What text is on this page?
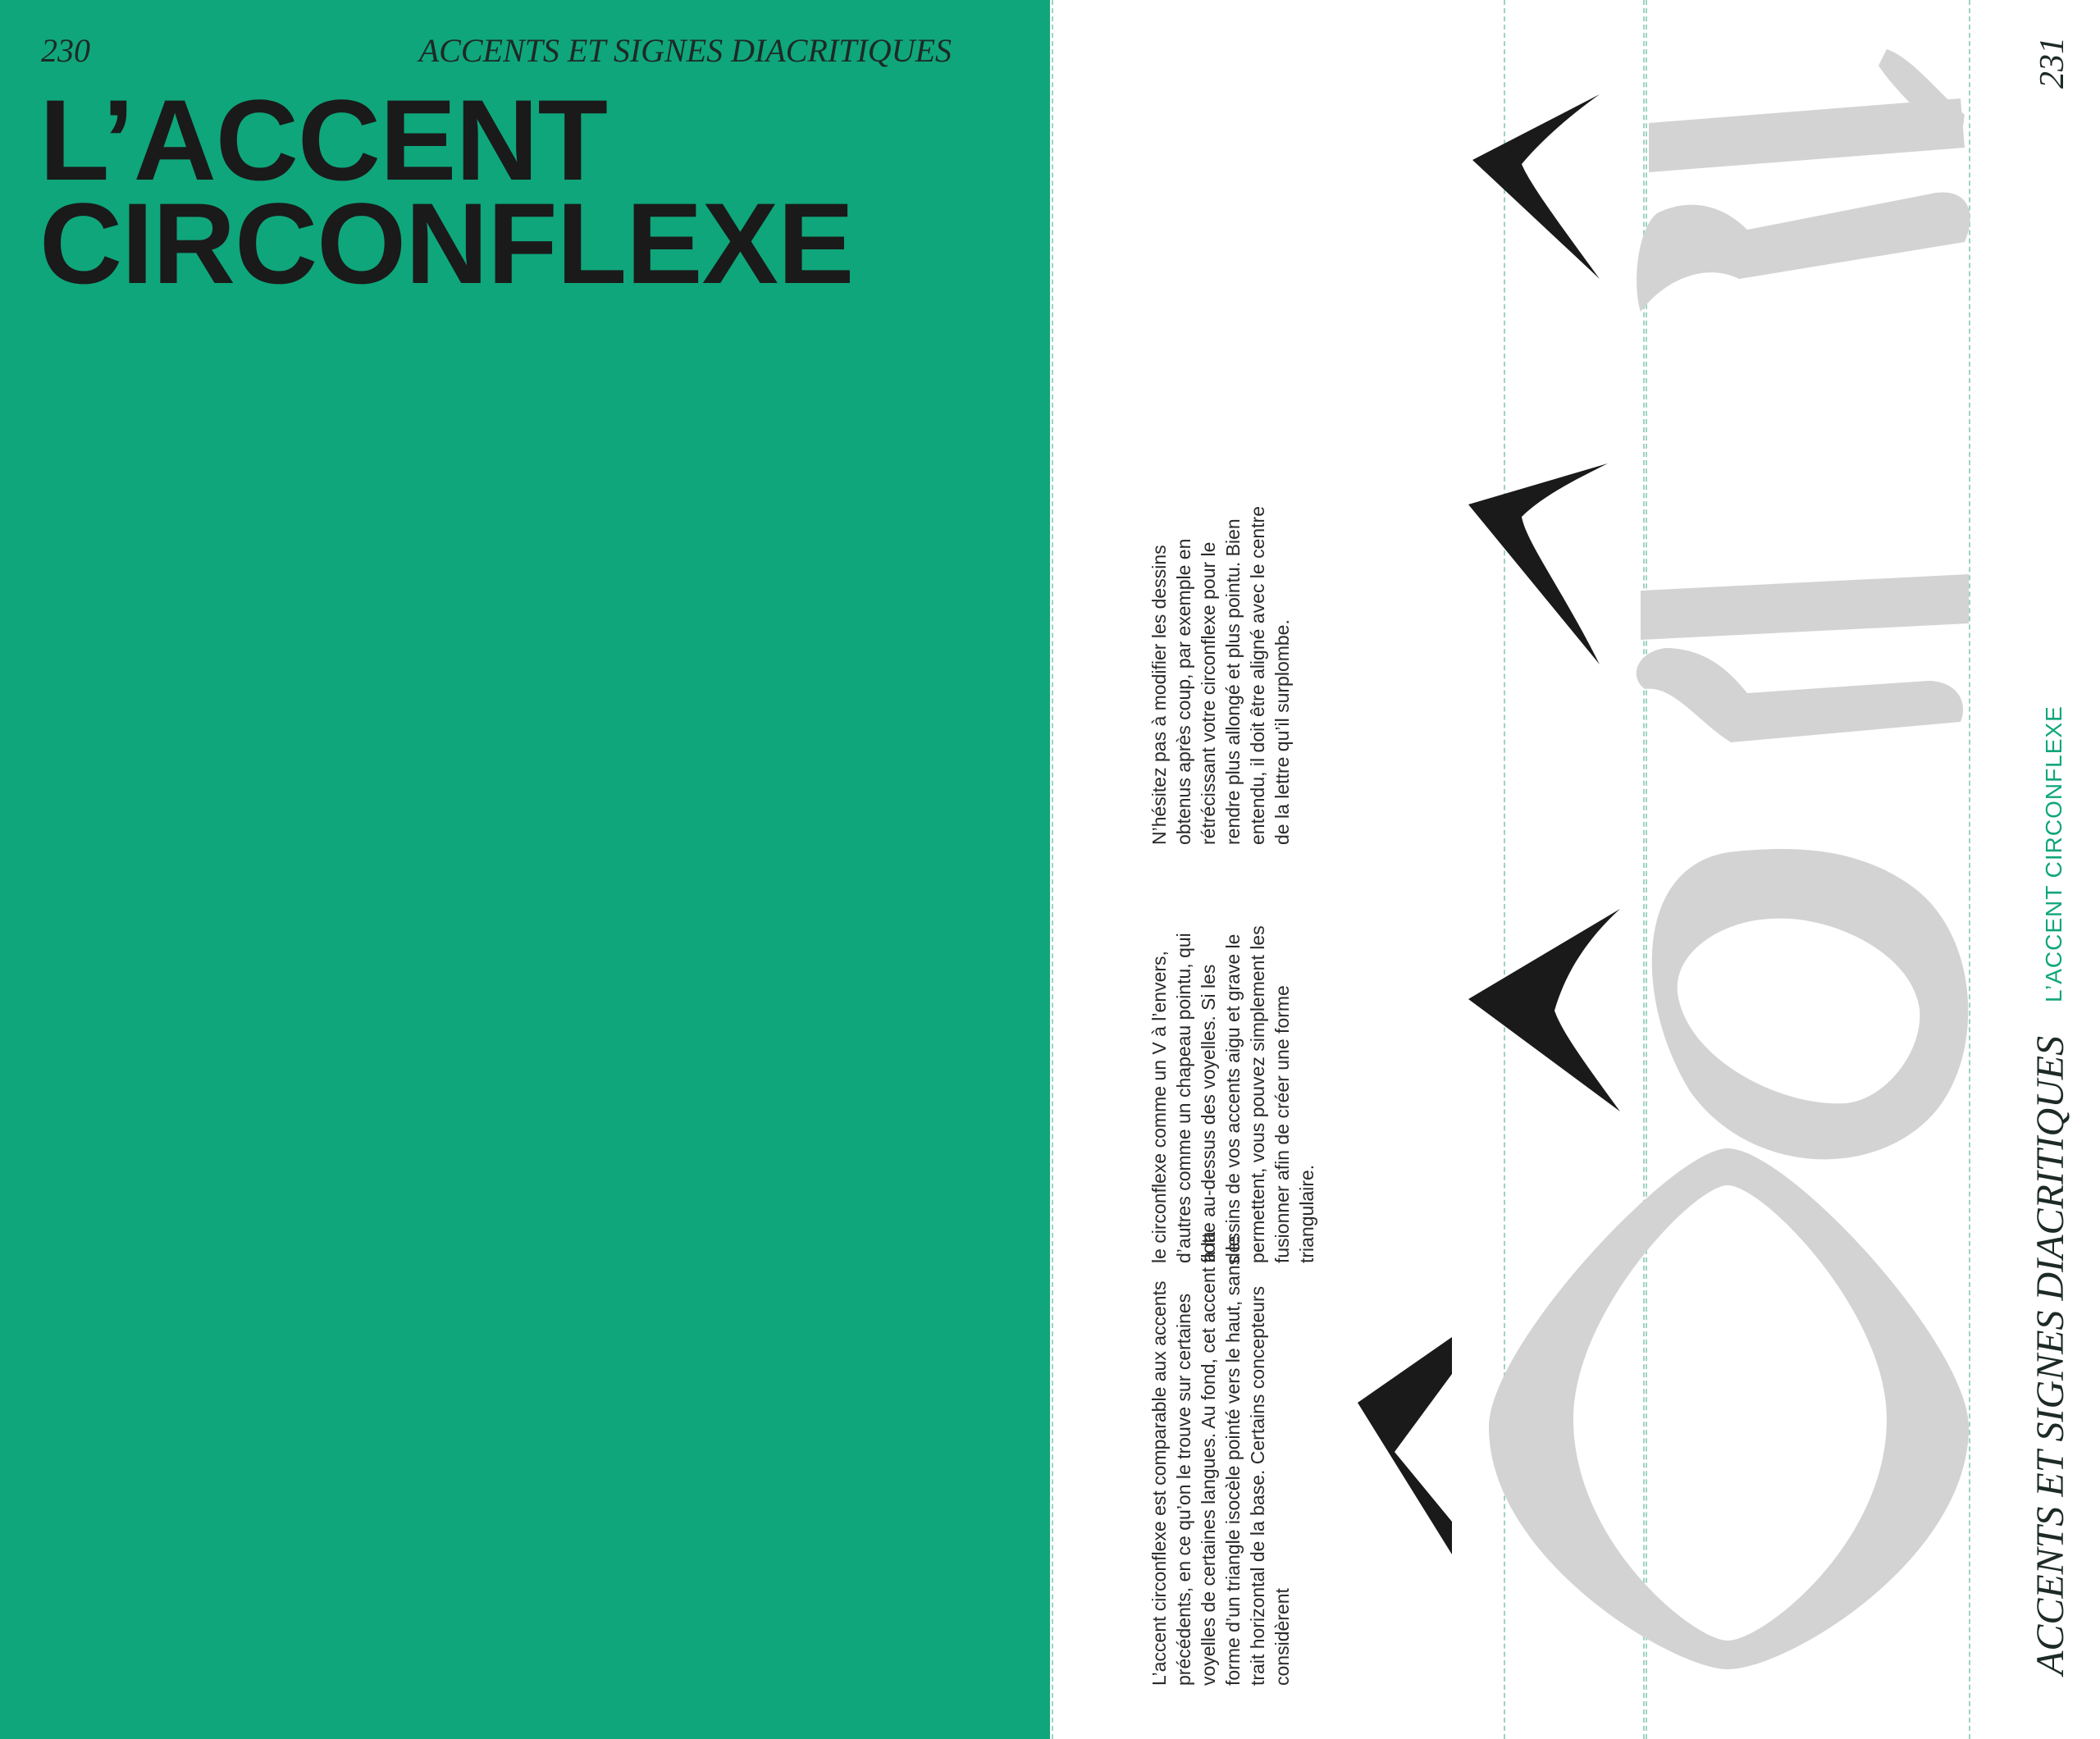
230	ACCENTS ET SIGNES DIACRITIQUES
L’ACCENT
CIRCONFLEXE

L’accent circonflexe est comparable aux accents précédents, en ce qu’on le trouve sur certaines voyelles de certaines langues. Au fond, cet accent a la forme d’un triangle isocèle pointé vers le haut, sans le trait horizontal de la base. Certains concepteurs considèrent

le circonflexe comme un V à l’envers, d’autres comme un chapeau pointu, qui flotte au-dessus des voyelles. Si les dessins de vos accents aigu et grave le permettent, vous pouvez simplement les fusionner afin de créer une forme triangulaire.

N’hésitez pas à modifier les dessins obtenus après coup, par exemple en rétrécissant votre circonflexe pour le rendre plus allongé et plus pointu. Bien entendu, il doit être aligné avec le centre de la lettre qu’il surplombe.

231
L’ACCENT CIRCONFLEXE
ACCENTS ET SIGNES DIACRITIQUES
